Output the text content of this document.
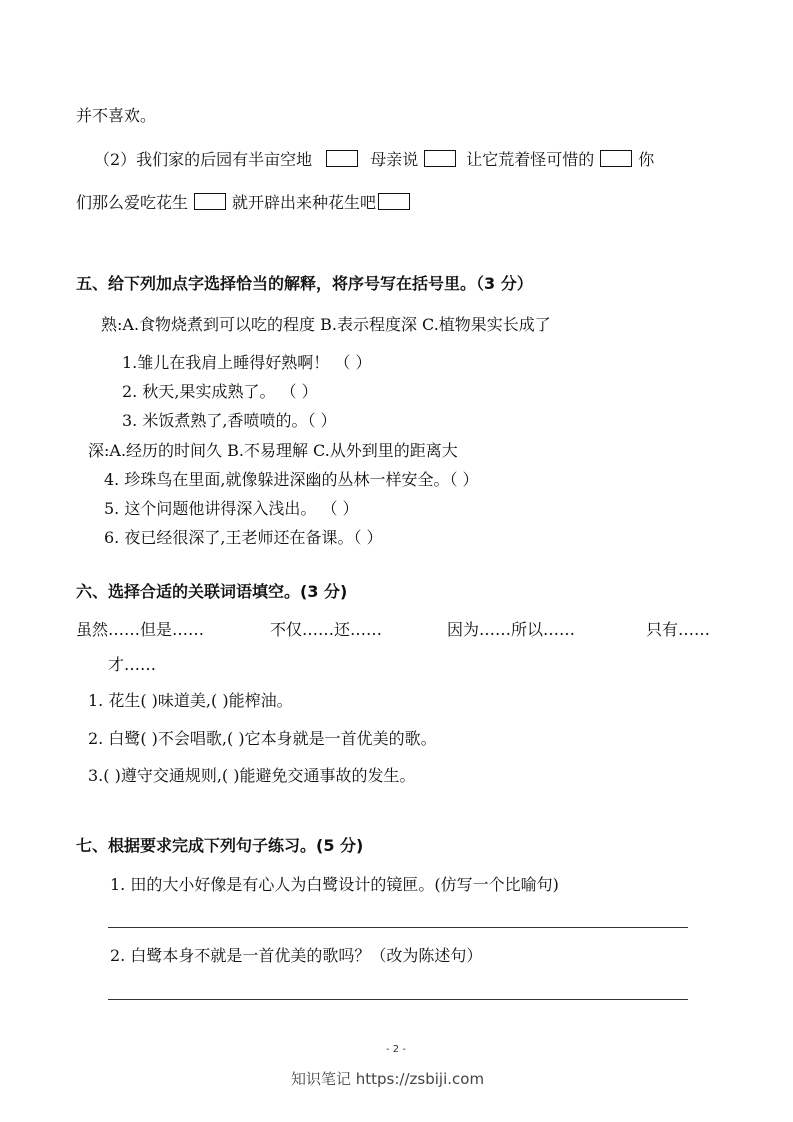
并不喜欢。
（2）我们家的后园有半亩空地	母亲说	让它荒着怪可惜的	你
们那么爱吃花生	就开辟出来种花生吧
五、给下列加点字选择恰当的解释，将序号写在括号里。（3 分）
熟:A.食物烧煮到可以吃的程度 B.表示程度深 C.植物果实长成了
1.雏儿在我肩上睡得好熟啊！ （ ）
2. 秋天,果实成熟了。 （ ）
3. 米饭煮熟了,香喷喷的。（ ）
深:A.经历的时间久 B.不易理解 C.从外到里的距离大
4. 珍珠鸟在里面,就像躲进深幽的丛林一样安全。（ ）
5. 这个问题他讲得深入浅出。 （ ）
6. 夜已经很深了,王老师还在备课。（ ）
六、选择合适的关联词语填空。(3 分)
虽然……但是……	不仅……还……	因为……所以……	只有……
才……
1. 花生( )味道美,( )能榨油。
2. 白鹭( )不会唱歌,( )它本身就是一首优美的歌。
3.( )遵守交通规则,( )能避免交通事故的发生。
七、根据要求完成下列句子练习。(5 分)
1. 田的大小好像是有心人为白鹭设计的镜匣。(仿写一个比喻句)
2. 白鹭本身不就是一首优美的歌吗？（改为陈述句）
- 2 -
知识笔记 https://zsbiji.com
